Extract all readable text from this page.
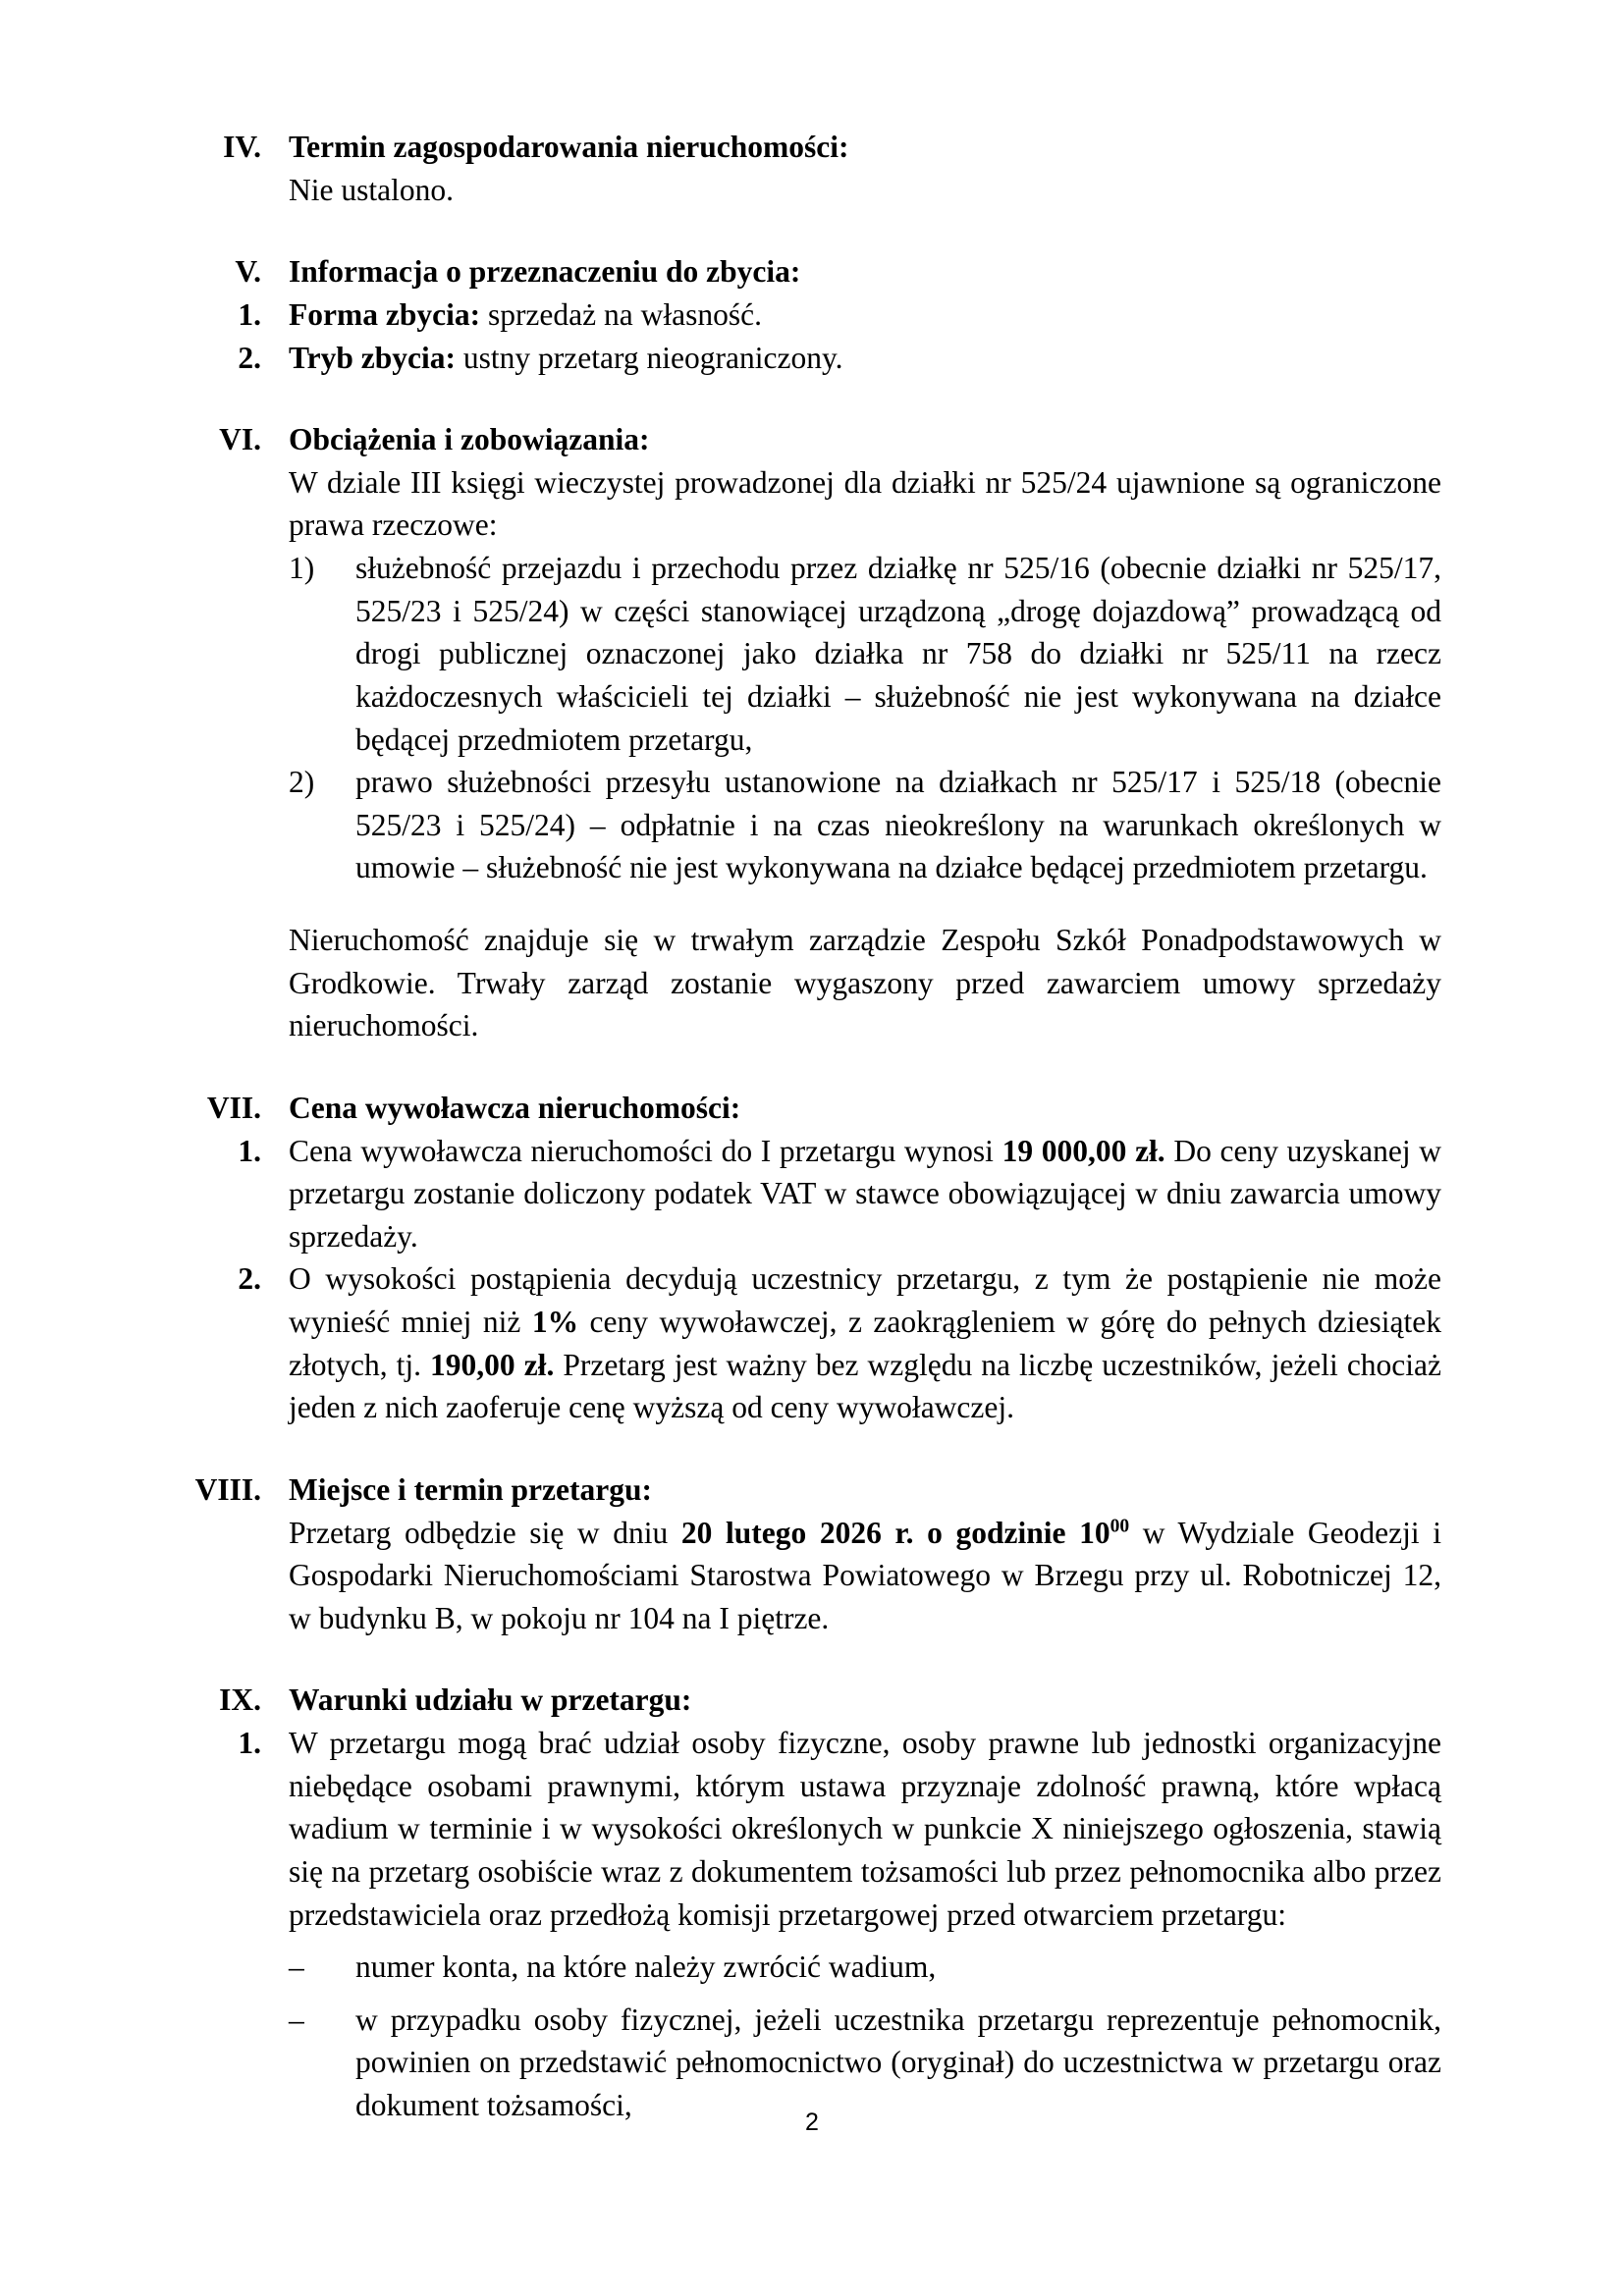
IV. Termin zagospodarowania nieruchomości:

Nie ustalono.

V. Informacja o przeznaczeniu do zbycia:
1. Forma zbycia: sprzedaż na własność.
2. Tryb zbycia: ustny przetarg nieograniczony.
VI. Obciążenia i zobowiązania:

W dziale III księgi wieczystej prowadzonej dla działki nr 525/24 ujawnione są ograniczone prawa rzeczowe:

1)	służebność przejazdu i przechodu przez działkę nr 525/16 (obecnie działki nr 525/17, 525/23 i 525/24) w części stanowiącej urządzoną „drogę dojazdową” prowadzącą od drogi publicznej oznaczonej jako działka nr 758 do działki nr 525/11 na rzecz każdoczesnych właścicieli tej działki – służebność nie jest wykonywana na działce będącej przedmiotem przetargu,
2)	prawo służebności przesyłu ustanowione na działkach nr 525/17 i 525/18 (obecnie 525/23 i 525/24) – odpłatnie i na czas nieokreślony na warunkach określonych w umowie – służebność nie jest wykonywana na działce będącej przedmiotem przetargu.

Nieruchomość znajduje się w trwałym zarządzie Zespołu Szkół Ponadpodstawowych w Grodkowie. Trwały zarząd zostanie wygaszony przed zawarciem umowy sprzedaży nieruchomości.

VII. Cena wywoławcza nieruchomości:
1. Cena wywoławcza nieruchomości do I przetargu wynosi 19 000,00 zł. Do ceny uzyskanej w przetargu zostanie doliczony podatek VAT w stawce obowiązującej w dniu zawarcia umowy sprzedaży.
2. O wysokości postąpienia decydują uczestnicy przetargu, z tym że postąpienie nie może wynieść mniej niż 1% ceny wywoławczej, z zaokrągleniem w górę do pełnych dziesiątek złotych, tj. 190,00 zł. Przetarg jest ważny bez względu na liczbę uczestników, jeżeli chociaż jeden z nich zaoferuje cenę wyższą od ceny wywoławczej.
VIII. Miejsce i termin przetargu:

Przetarg odbędzie się w dniu 20 lutego 2026 r. o godzinie $10^{00}$ w Wydziale Geodezji i Gospodarki Nieruchomościami Starostwa Powiatowego w Brzegu przy ul. Robotniczej 12, w budynku B, w pokoju nr 104 na I piętrze.

IX. Warunki udziału w przetargu:
1. W przetargu mogą brać udział osoby fizyczne, osoby prawne lub jednostki organizacyjne niebędące osobami prawnymi, którym ustawa przyznaje zdolność prawną, które wpłacą wadium w terminie i w wysokości określonych w punkcie X niniejszego ogłoszenia, stawią się na przetarg osobiście wraz z dokumentem tożsamości lub przez pełnomocnika albo przez przedstawiciela oraz przedłożą komisji przetargowej przed otwarciem przetargu:
–	numer konta, na które należy zwrócić wadium,
–	w przypadku osoby fizycznej, jeżeli uczestnika przetargu reprezentuje pełnomocnik, powinien on przedstawić pełnomocnictwo (oryginał) do uczestnictwa w przetargu oraz dokument tożsamości,	2
